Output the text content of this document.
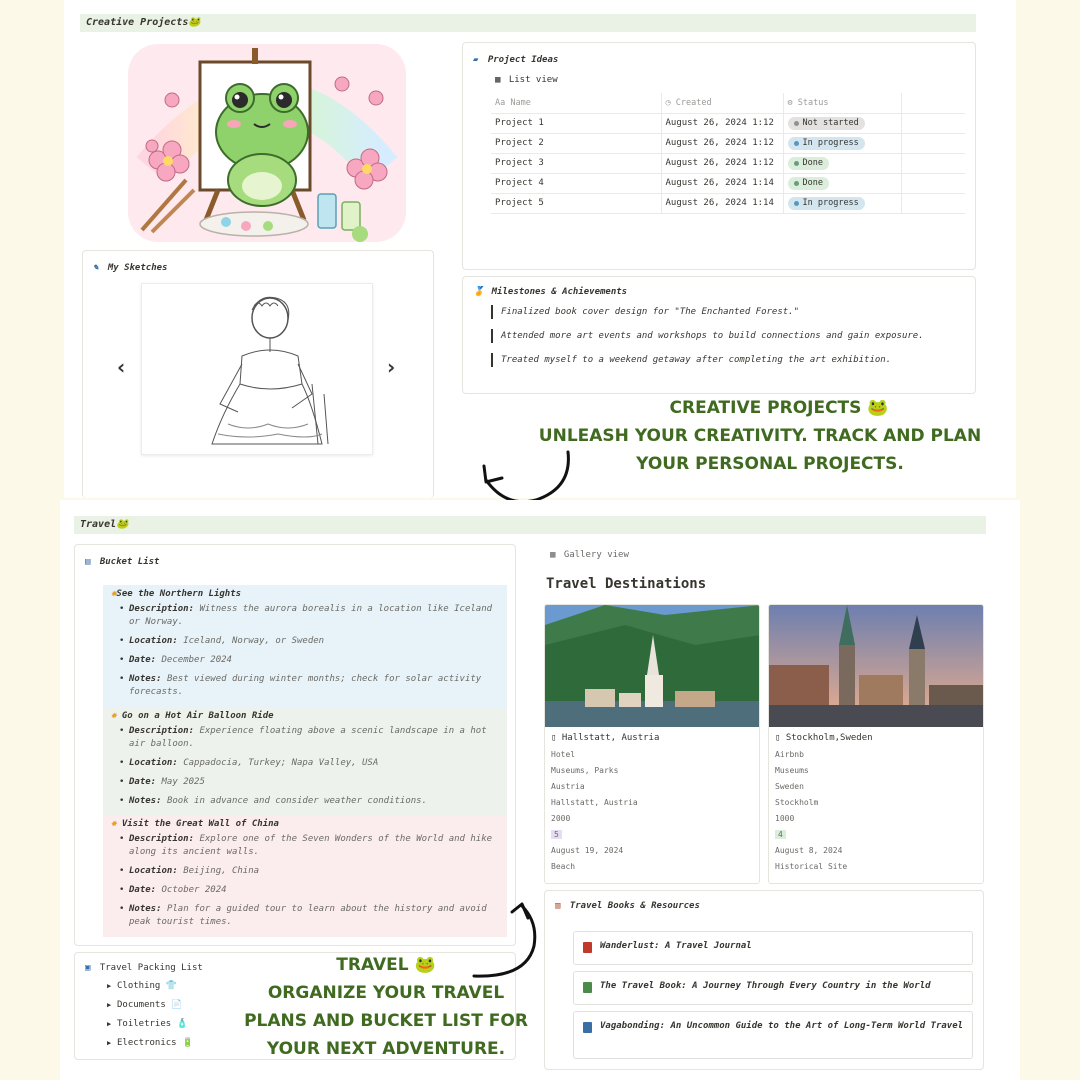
Creative Projects🐸
✎ My Sketches
‹	›
▰ Project Ideas
▦ List view
Aa Name	◷ Created	⚙ Status	
Project 1	August 26, 2024 1:12	Not started	

Project 2	August 26, 2024 1:12	In progress	

Project 3	August 26, 2024 1:12	Done	

Project 4	August 26, 2024 1:14	Done	

Project 5	August 26, 2024 1:14	In progress	

🏅 Milestones & Achievements
Finalized book cover design for "The Enchanted Forest."
Attended more art events and workshops to build connections and gain exposure.
Treated myself to a weekend getaway after completing the art exhibition.
CREATIVE PROJECTS 🐸
UNLEASH YOUR CREATIVITY. TRACK AND PLAN
YOUR PERSONAL PROJECTS.
Travel🐸
▤ Bucket List
✸See the Northern Lights
• Description: Witness the aurora borealis in a location like Iceland or Norway.
• Location: Iceland, Norway, or Sweden
• Date: December 2024
• Notes: Best viewed during winter months; check for solar activity forecasts.
✸ Go on a Hot Air Balloon Ride
• Description: Experience floating above a scenic landscape in a hot air balloon.
• Location: Cappadocia, Turkey; Napa Valley, USA
• Date: May 2025
• Notes: Book in advance and consider weather conditions.
✸ Visit the Great Wall of China
• Description: Explore one of the Seven Wonders of the World and hike along its ancient walls.
• Location: Beijing, China
• Date: October 2024
• Notes: Plan for a guided tour to learn about the history and avoid peak tourist times.
▣ Travel Packing List
▶ Clothing 👕
▶ Documents 📄
▶ Toiletries 🧴
▶ Electronics 🔋
▦ Gallery view
Travel Destinations
▯ Hallstatt, Austria
Hotel
Museums, Parks
Austria
Hallstatt, Austria
2000
5
August 19, 2024
Beach
▯ Stockholm,Sweden
Airbnb
Museums
Sweden
Stockholm
1000
4
August 8, 2024
Historical Site
▥ Travel Books & Resources
Wanderlust: A Travel Journal
The Travel Book: A Journey Through Every Country in the World
Vagabonding: An Uncommon Guide to the Art of Long-Term World Travel
TRAVEL 🐸
ORGANIZE YOUR TRAVEL
PLANS AND BUCKET LIST FOR
YOUR NEXT ADVENTURE.
